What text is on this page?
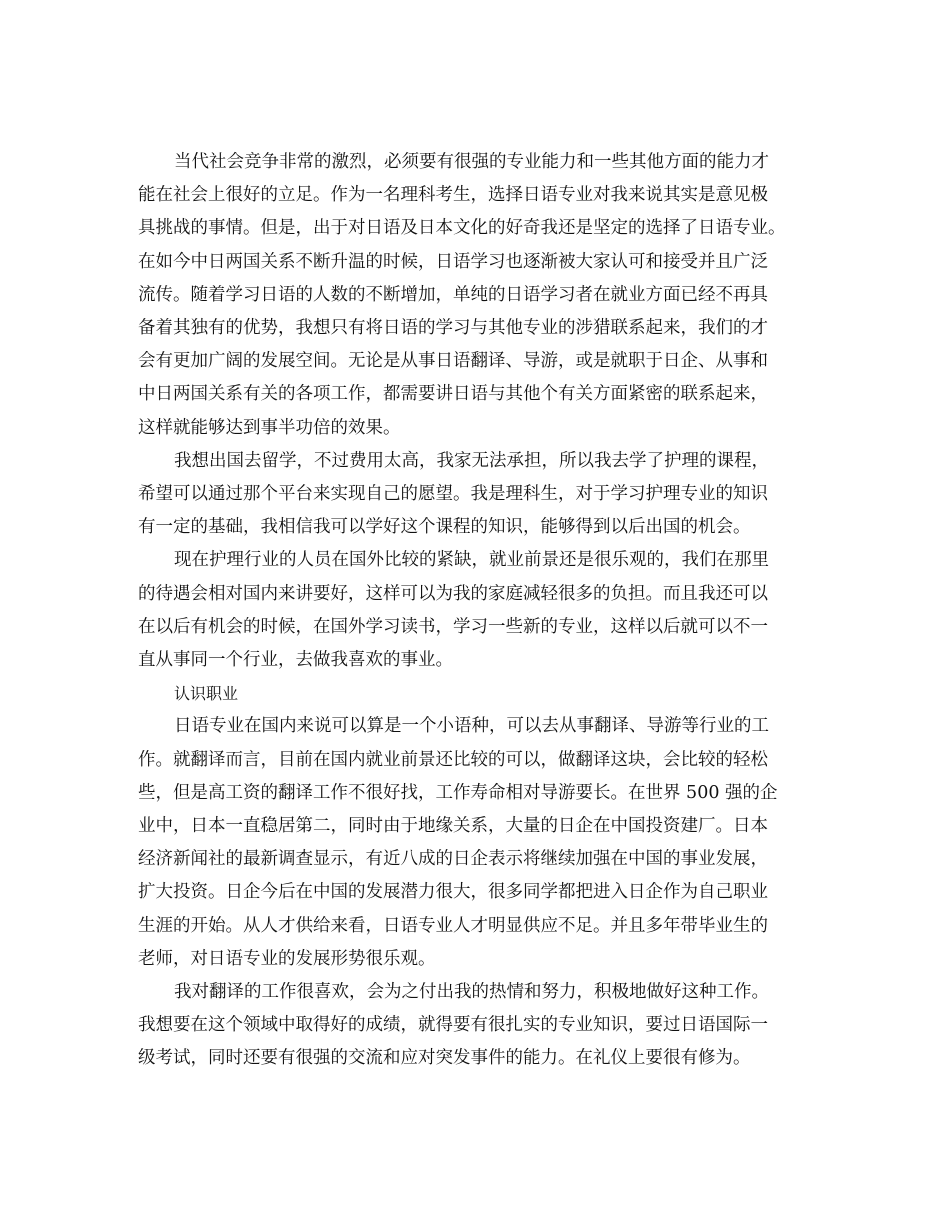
当代社会竞争非常的激烈，必须要有很强的专业能力和一些其他方面的能力才
能在社会上很好的立足。作为一名理科考生，选择日语专业对我来说其实是意见极
具挑战的事情。但是，出于对日语及日本文化的好奇我还是坚定的选择了日语专业。
在如今中日两国关系不断升温的时候，日语学习也逐渐被大家认可和接受并且广泛
流传。随着学习日语的人数的不断增加，单纯的日语学习者在就业方面已经不再具
备着其独有的优势，我想只有将日语的学习与其他专业的涉猎联系起来，我们的才
会有更加广阔的发展空间。无论是从事日语翻译、导游，或是就职于日企、从事和
中日两国关系有关的各项工作，都需要讲日语与其他个有关方面紧密的联系起来，
这样就能够达到事半功倍的效果。
我想出国去留学，不过费用太高，我家无法承担，所以我去学了护理的课程，
希望可以通过那个平台来实现自己的愿望。我是理科生，对于学习护理专业的知识
有一定的基础，我相信我可以学好这个课程的知识，能够得到以后出国的机会。
现在护理行业的人员在国外比较的紧缺，就业前景还是很乐观的，我们在那里
的待遇会相对国内来讲要好，这样可以为我的家庭减轻很多的负担。而且我还可以
在以后有机会的时候，在国外学习读书，学习一些新的专业，这样以后就可以不一
直从事同一个行业，去做我喜欢的事业。
认识职业
日语专业在国内来说可以算是一个小语种，可以去从事翻译、导游等行业的工
作。就翻译而言，目前在国内就业前景还比较的可以，做翻译这块，会比较的轻松
些，但是高工资的翻译工作不很好找，工作寿命相对导游要长。在世界 500 强的企
业中，日本一直稳居第二，同时由于地缘关系，大量的日企在中国投资建厂。日本
经济新闻社的最新调查显示，有近八成的日企表示将继续加强在中国的事业发展，
扩大投资。日企今后在中国的发展潜力很大，很多同学都把进入日企作为自己职业
生涯的开始。从人才供给来看，日语专业人才明显供应不足。并且多年带毕业生的
老师，对日语专业的发展形势很乐观。
我对翻译的工作很喜欢，会为之付出我的热情和努力，积极地做好这种工作。
我想要在这个领域中取得好的成绩，就得要有很扎实的专业知识，要过日语国际一
级考试，同时还要有很强的交流和应对突发事件的能力。在礼仪上要很有修为。
